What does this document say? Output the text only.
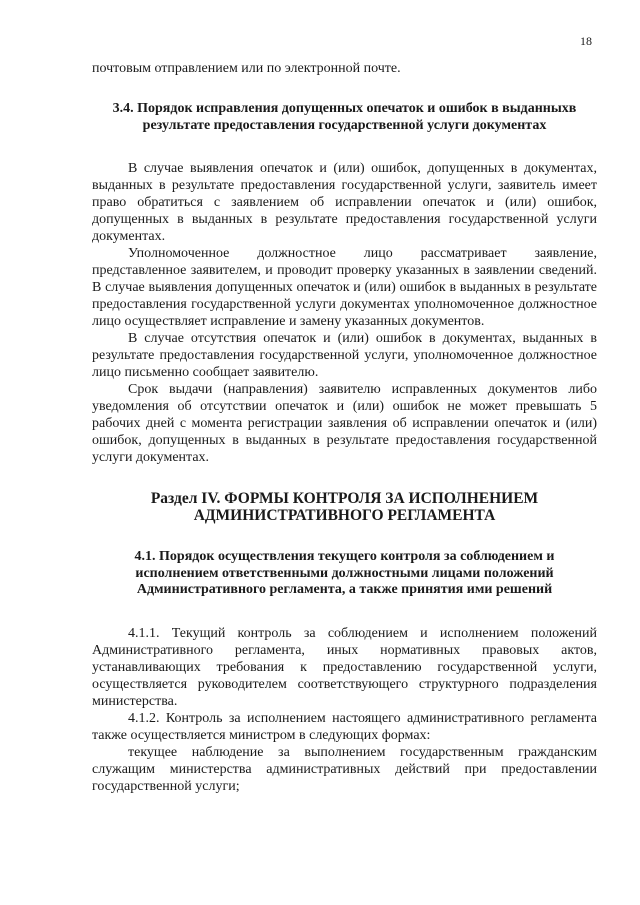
18

почтовым отправлением или по электронной почте.

3.4. Порядок исправления допущенных опечаток и ошибок в выданныхв результате предоставления государственной услуги документах

В случае выявления опечаток и (или) ошибок, допущенных в документах, выданных в результате предоставления государственной услуги, заявитель имеет право обратиться с заявлением об исправлении опечаток и (или) ошибок, допущенных в выданных в результате предоставления государственной услуги документах.

Уполномоченное должностное лицо рассматривает заявление, представленное заявителем, и проводит проверку указанных в заявлении сведений. В случае выявления допущенных опечаток и (или) ошибок в выданных в результате предоставления государственной услуги документах уполномоченное должностное лицо осуществляет исправление и замену указанных документов.

В случае отсутствия опечаток и (или) ошибок в документах, выданных в результате предоставления государственной услуги, уполномоченное должностное лицо письменно сообщает заявителю.

Срок выдачи (направления) заявителю исправленных документов либо уведомления об отсутствии опечаток и (или) ошибок не может превышать 5 рабочих дней с момента регистрации заявления об исправлении опечаток и (или) ошибок, допущенных в выданных в результате предоставления государственной услуги документах.

Раздел IV. ФОРМЫ КОНТРОЛЯ ЗА ИСПОЛНЕНИЕМ АДМИНИСТРАТИВНОГО РЕГЛАМЕНТА
4.1. Порядок осуществления текущего контроля за соблюдением и исполнением ответственными должностными лицами положений Административного регламента, а также принятия ими решений

4.1.1. Текущий контроль за соблюдением и исполнением положений Административного регламента, иных нормативных правовых актов, устанавливающих требования к предоставлению государственной услуги, осуществляется руководителем соответствующего структурного подразделения министерства.

4.1.2. Контроль за исполнением настоящего административного регламента также осуществляется министром в следующих формах:

текущее наблюдение за выполнением государственным гражданским служащим министерства административных действий при предоставлении государственной услуги;
